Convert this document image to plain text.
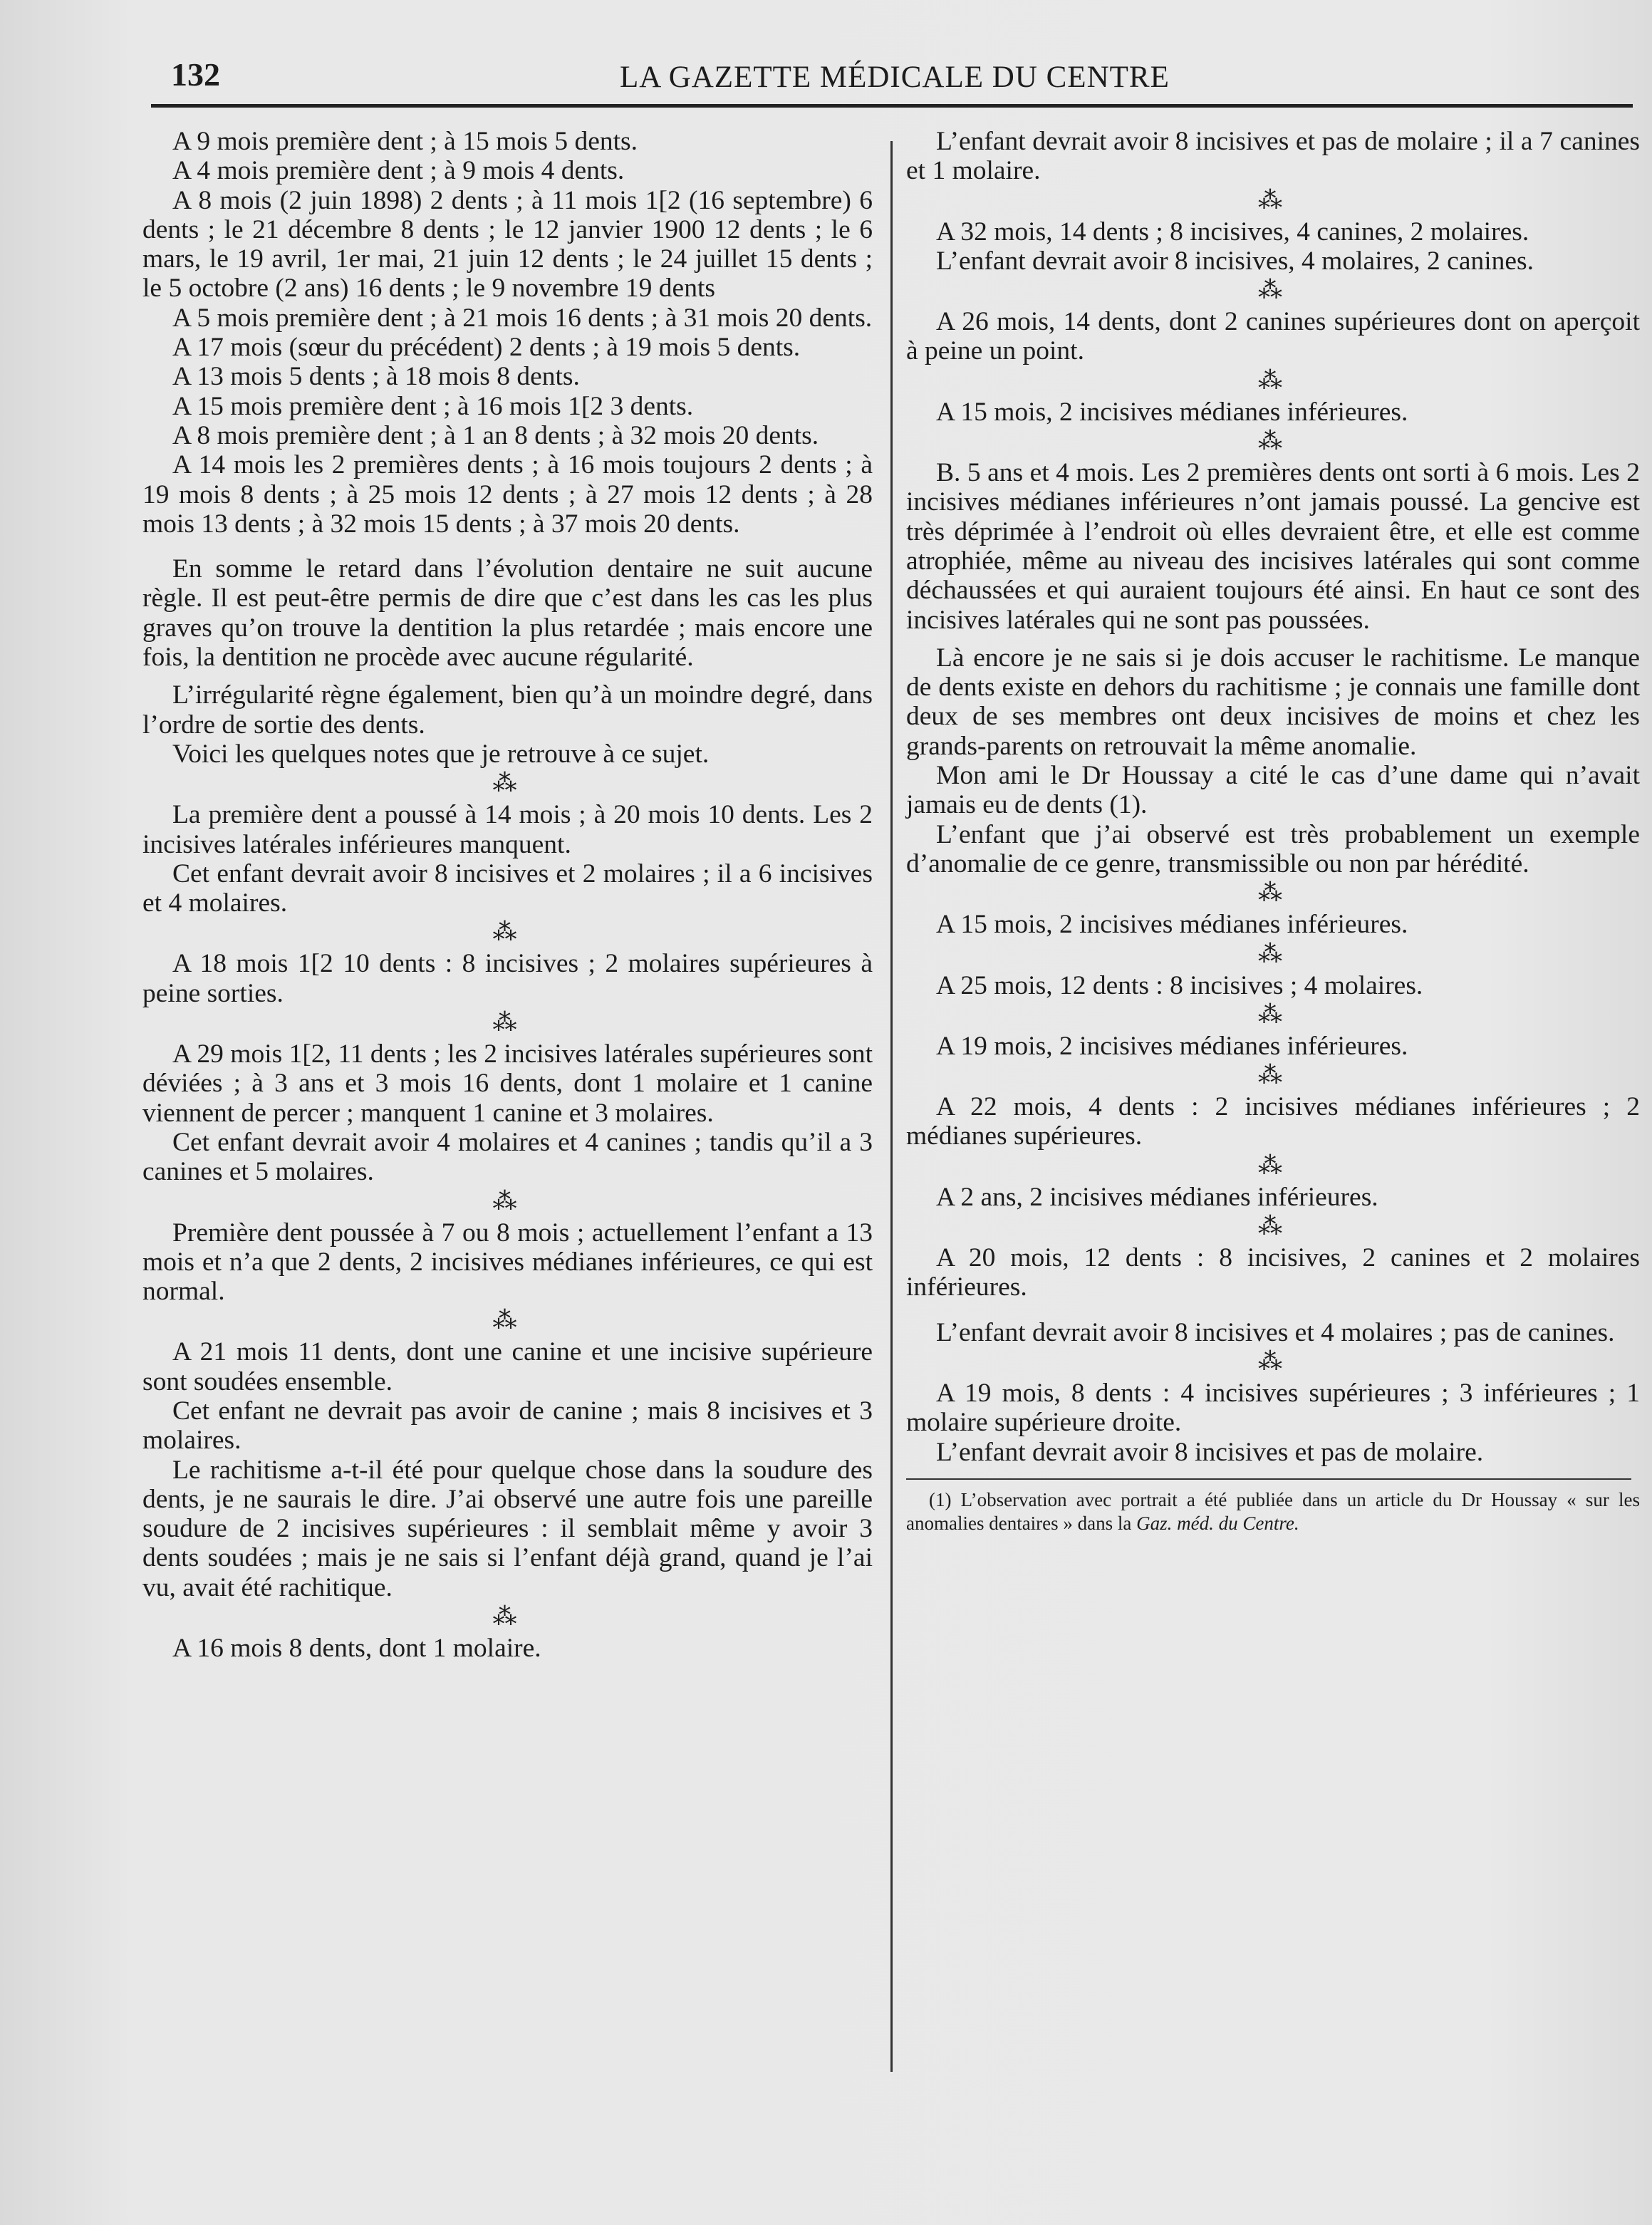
132	LA GAZETTE MÉDICALE DU CENTRE

A 9 mois première dent ; à 15 mois 5 dents.

A 4 mois première dent ; à 9 mois 4 dents.

A 8 mois (2 juin 1898) 2 dents ; à 11 mois 1[2 (16 septembre) 6 dents ; le 21 décembre 8 dents ; le 12 janvier 1900 12 dents ; le 6 mars, le 19 avril, 1er mai, 21 juin 12 dents ; le 24 juillet 15 dents ; le 5 octobre (2 ans) 16 dents ; le 9 novembre 19 dents

A 5 mois première dent ; à 21 mois 16 dents ; à 31 mois 20 dents.

A 17 mois (sœur du précédent) 2 dents ; à 19 mois 5 dents.

A 13 mois 5 dents ; à 18 mois 8 dents.

A 15 mois première dent ; à 16 mois 1[2 3 dents.

A 8 mois première dent ; à 1 an 8 dents ; à 32 mois 20 dents.

A 14 mois les 2 premières dents ; à 16 mois toujours 2 dents ; à 19 mois 8 dents ; à 25 mois 12 dents ; à 27 mois 12 dents ; à 28 mois 13 dents ; à 32 mois 15 dents ; à 37 mois 20 dents.

En somme le retard dans l’évolution dentaire ne suit aucune règle. Il est peut-être permis de dire que c’est dans les cas les plus graves qu’on trouve la dentition la plus retardée ; mais encore une fois, la dentition ne procède avec aucune régularité.

L’irrégularité règne également, bien qu’à un moindre degré, dans l’ordre de sortie des dents.

Voici les quelques notes que je retrouve à ce sujet.

⁂

La première dent a poussé à 14 mois ; à 20 mois 10 dents. Les 2 incisives latérales inférieures manquent.

Cet enfant devrait avoir 8 incisives et 2 molaires ; il a 6 incisives et 4 molaires.

⁂

A 18 mois 1[2 10 dents : 8 incisives ; 2 molaires supérieures à peine sorties.

⁂

A 29 mois 1[2, 11 dents ; les 2 incisives latérales supérieures sont déviées ; à 3 ans et 3 mois 16 dents, dont 1 molaire et 1 canine viennent de percer ; manquent 1 canine et 3 molaires.

Cet enfant devrait avoir 4 molaires et 4 canines ; tandis qu’il a 3 canines et 5 molaires.

⁂

Première dent poussée à 7 ou 8 mois ; actuellement l’enfant a 13 mois et n’a que 2 dents, 2 incisives médianes inférieures, ce qui est normal.

⁂

A 21 mois 11 dents, dont une canine et une incisive supérieure sont soudées ensemble.

Cet enfant ne devrait pas avoir de canine ; mais 8 incisives et 3 molaires.

Le rachitisme a-t-il été pour quelque chose dans la soudure des dents, je ne saurais le dire. J’ai observé une autre fois une pareille soudure de 2 incisives supérieures : il semblait même y avoir 3 dents soudées ; mais je ne sais si l’enfant déjà grand, quand je l’ai vu, avait été rachitique.

⁂

A 16 mois 8 dents, dont 1 molaire.

L’enfant devrait avoir 8 incisives et pas de molaire ; il a 7 canines et 1 molaire.

⁂

A 32 mois, 14 dents ; 8 incisives, 4 canines, 2 molaires.

L’enfant devrait avoir 8 incisives, 4 molaires, 2 canines.

⁂

A 26 mois, 14 dents, dont 2 canines supérieures dont on aperçoit à peine un point.

⁂

A 15 mois, 2 incisives médianes inférieures.

⁂

B. 5 ans et 4 mois. Les 2 premières dents ont sorti à 6 mois. Les 2 incisives médianes inférieures n’ont jamais poussé. La gencive est très déprimée à l’endroit où elles devraient être, et elle est comme atrophiée, même au niveau des incisives latérales qui sont comme déchaussées et qui auraient toujours été ainsi. En haut ce sont des incisives latérales qui ne sont pas poussées.

Là encore je ne sais si je dois accuser le rachitisme. Le manque de dents existe en dehors du rachitisme ; je connais une famille dont deux de ses membres ont deux incisives de moins et chez les grands-parents on retrouvait la même anomalie.

Mon ami le Dr Houssay a cité le cas d’une dame qui n’avait jamais eu de dents (1).

L’enfant que j’ai observé est très probablement un exemple d’anomalie de ce genre, transmissible ou non par hérédité.

⁂

A 15 mois, 2 incisives médianes inférieures.

⁂

A 25 mois, 12 dents : 8 incisives ; 4 molaires.

⁂

A 19 mois, 2 incisives médianes inférieures.

⁂

A 22 mois, 4 dents : 2 incisives médianes inférieures ; 2 médianes supérieures.

⁂

A 2 ans, 2 incisives médianes inférieures.

⁂

A 20 mois, 12 dents : 8 incisives, 2 canines et 2 molaires inférieures.

L’enfant devrait avoir 8 incisives et 4 molaires ; pas de canines.

⁂

A 19 mois, 8 dents : 4 incisives supérieures ; 3 inférieures ; 1 molaire supérieure droite.

L’enfant devrait avoir 8 incisives et pas de molaire.

(1) L’observation avec portrait a été publiée dans un article du Dr Houssay « sur les anomalies dentaires » dans la Gaz. méd. du Centre.
